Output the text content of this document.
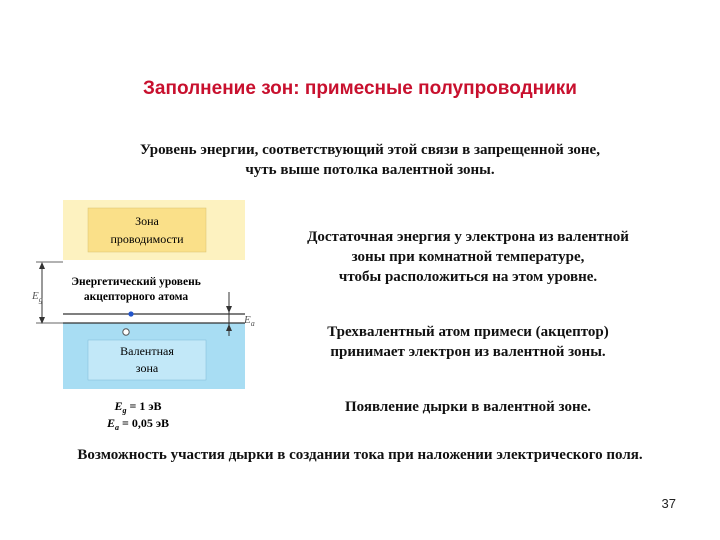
Заполнение зон: примесные полупроводники
Уровень энергии, соответствующий этой связи в запрещенной зоне,
чуть выше потолка валентной зоны.
Зона
проводимости
Энергетический уровень
акцепторного атома
Валентная
зона
$E_g$
$E_a$
$E_g = 1$ эВ
$E_a = 0,05$ эВ
Достаточная энергия у электрона из валентной
зоны при комнатной температуре,
чтобы расположиться на этом уровне.
Трехвалентный атом примеси (акцептор)
принимает электрон из валентной зоны.
Появление дырки в валентной зоне.
Возможность участия дырки в создании тока при наложении электрического поля.
37
